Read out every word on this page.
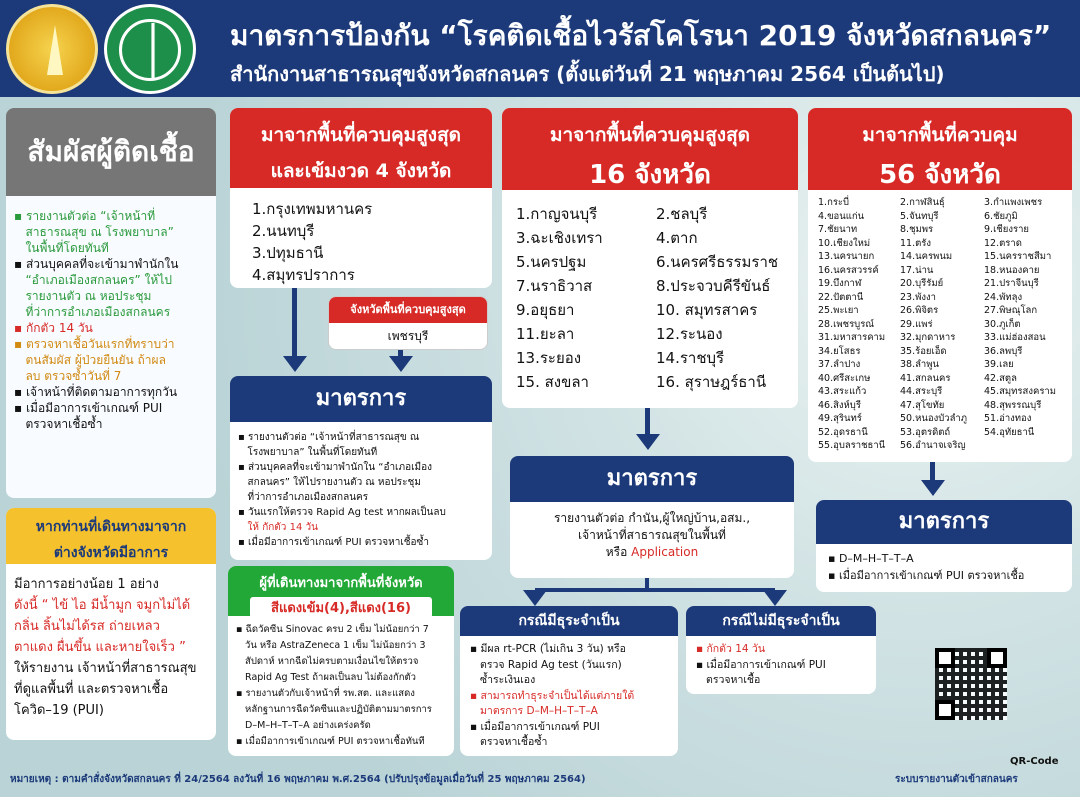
มาตรการป้องกัน “โรคติดเชื้อไวรัสโคโรนา 2019 จังหวัดสกลนคร”
สำนักงานสาธารณสุขจังหวัดสกลนคร (ตั้งแต่วันที่ 21 พฤษภาคม 2564 เป็นต้นไป)
สัมผัสผู้ติดเชื้อ
▪ รายงานตัวต่อ “เจ้าหน้าที่
สาธารณสุข ณ โรงพยาบาล”
ในพื้นที่โดยทันที
▪ ส่วนบุคคลที่จะเข้ามาพำนักใน
“อำเภอเมืองสกลนคร” ให้ไป
รายงานตัว ณ หอประชุม
ที่ว่าการอำเภอเมืองสกลนคร
▪ กักตัว 14 วัน
▪ ตรวจหาเชื้อวันแรกที่ทราบว่า
ตนสัมผัส ผู้ป่วยยืนยัน ถ้าผล
ลบ ตรวจซ้ำวันที่ 7
▪ เจ้าหน้าที่ติดตามอาการทุกวัน
▪ เมื่อมีอาการเข้าเกณฑ์ PUI
ตรวจหาเชื้อซ้ำ
หากท่านที่เดินทางมาจาก
ต่างจังหวัดมีอาการ
มีอาการอย่างน้อย 1 อย่าง
ดังนี้ “ ไข้ ไอ มีน้ำมูก จมูกไม่ได้
กลิ่น ลิ้นไม่ได้รส ถ่ายเหลว
ตาแดง ผื่นขึ้น และหายใจเร็ว ”
ให้รายงาน เจ้าหน้าที่สาธารณสุข
ที่ดูแลพื้นที่ และตรวจหาเชื้อ
โควิด–19 (PUI)
มาจากพื้นที่ควบคุมสูงสุด
และเข้มงวด 4 จังหวัด
1.กรุงเทพมหานคร
2.นนทบุรี
3.ปทุมธานี
4.สมุทรปราการ
จังหวัดพื้นที่ควบคุมสูงสุด
เพชรบุรี
มาตรการ
▪ รายงานตัวต่อ “เจ้าหน้าที่สาธารณสุข ณ
โรงพยาบาล” ในพื้นที่โดยทันที
▪ ส่วนบุคคลที่จะเข้ามาพำนักใน “อำเภอเมือง
สกลนคร” ให้ไปรายงานตัว ณ หอประชุม
ที่ว่าการอำเภอเมืองสกลนคร
▪ วันแรกให้ตรวจ Rapid Ag test หากผลเป็นลบ
ให้ กักตัว 14 วัน
▪ เมื่อมีอาการเข้าเกณฑ์ PUI ตรวจหาเชื้อซ้ำ
ผู้ที่เดินทางมาจากพื้นที่จังหวัด
สีแดงเข้ม(4),สีแดง(16)
▪ ฉีดวัคซีน Sinovac ครบ 2 เข็ม ไม่น้อยกว่า 7
วัน หรือ AstraZeneca 1 เข็ม ไม่น้อยกว่า 3
สัปดาห์ หากฉีดไม่ครบตามเงื่อนไขให้ตรวจ
Rapid Ag Test ถ้าผลเป็นลบ ไม่ต้องกักตัว
▪ รายงานตัวกับเจ้าหน้าที่ รพ.สต. และแสดง
หลักฐานการฉีดวัคซีนและปฏิบัติตามมาตรการ
D–M–H–T–T–A อย่างเคร่งครัด
▪ เมื่อมีอาการเข้าเกณฑ์ PUI ตรวจหาเชื้อทันที
มาจากพื้นที่ควบคุมสูงสุด
16 จังหวัด
1.กาญจนบุรี
3.ฉะเชิงเทรา
5.นครปฐม
7.นราธิวาส
9.อยุธยา
11.ยะลา
13.ระยอง
15. สงขลา
2.ชลบุรี
4.ตาก
6.นครศรีธรรมราช
8.ประจวบคีรีขันธ์
10. สมุทรสาคร
12.ระนอง
14.ราชบุรี
16. สุราษฎร์ธานี
มาตรการ
รายงานตัวต่อ กำนัน,ผู้ใหญ่บ้าน,อสม.,
เจ้าหน้าที่สาธารณสุขในพื้นที่
หรือ Application
กรณีมีธุระจำเป็น
▪ มีผล rt-PCR (ไม่เกิน 3 วัน) หรือ
ตรวจ Rapid Ag test (วันแรก)
ซ้ำระเงินเอง
▪ สามารถทำธุระจำเป็นได้แต่ภายใต้
มาตรการ D–M–H–T–T–A
▪ เมื่อมีอาการเข้าเกณฑ์ PUI
ตรวจหาเชื้อซ้ำ
กรณีไม่มีธุระจำเป็น
▪ กักตัว 14 วัน
▪ เมื่อมีอาการเข้าเกณฑ์ PUI
ตรวจหาเชื้อ
มาจากพื้นที่ควบคุม
56 จังหวัด
1.กระบี่
4.ขอนแก่น
7.ชัยนาท
10.เชียงใหม่
13.นครนายก
16.นครสวรรค์
19.บึงกาฬ
22.ปัตตานี
25.พะเยา
28.เพชรบูรณ์
31.มหาสารคาม
34.ยโสธร
37.ลำปาง
40.ศรีสะเกษ
43.สระแก้ว
46.สิงห์บุรี
49.สุรินทร์
52.อุดรธานี
55.อุบลราชธานี
2.กาฬสินธุ์
5.จันทบุรี
8.ชุมพร
11.ตรัง
14.นครพนม
17.น่าน
20.บุรีรัมย์
23.พังงา
26.พิจิตร
29.แพร่
32.มุกดาหาร
35.ร้อยเอ็ด
38.ลำพูน
41.สกลนคร
44.สระบุรี
47.สุโขทัย
50.หนองบัวลำภู
53.อุตรดิตถ์
56.อำนาจเจริญ
3.กำแพงเพชร
6.ชัยภูมิ
9.เชียงราย
12.ตราด
15.นครราชสีมา
18.หนองคาย
21.ปราจีนบุรี
24.พัทลุง
27.พิษณุโลก
30.ภูเก็ต
33.แม่ฮ่องสอน
36.ลพบุรี
39.เลย
42.สตูล
45.สมุทรสงคราม
48.สุพรรณบุรี
51.อ่างทอง
54.อุทัยธานี
มาตรการ
▪ D–M–H–T–T–A
▪ เมื่อมีอาการเข้าเกณฑ์ PUI ตรวจหาเชื้อ
QR-Code
ระบบรายงานตัวเข้าสกลนคร
หมายเหตุ : ตามคำสั่งจังหวัดสกลนคร ที่ 24/2564 ลงวันที่ 16 พฤษภาคม พ.ศ.2564 (ปรับปรุงข้อมูลเมื่อวันที่ 25 พฤษภาคม 2564)
